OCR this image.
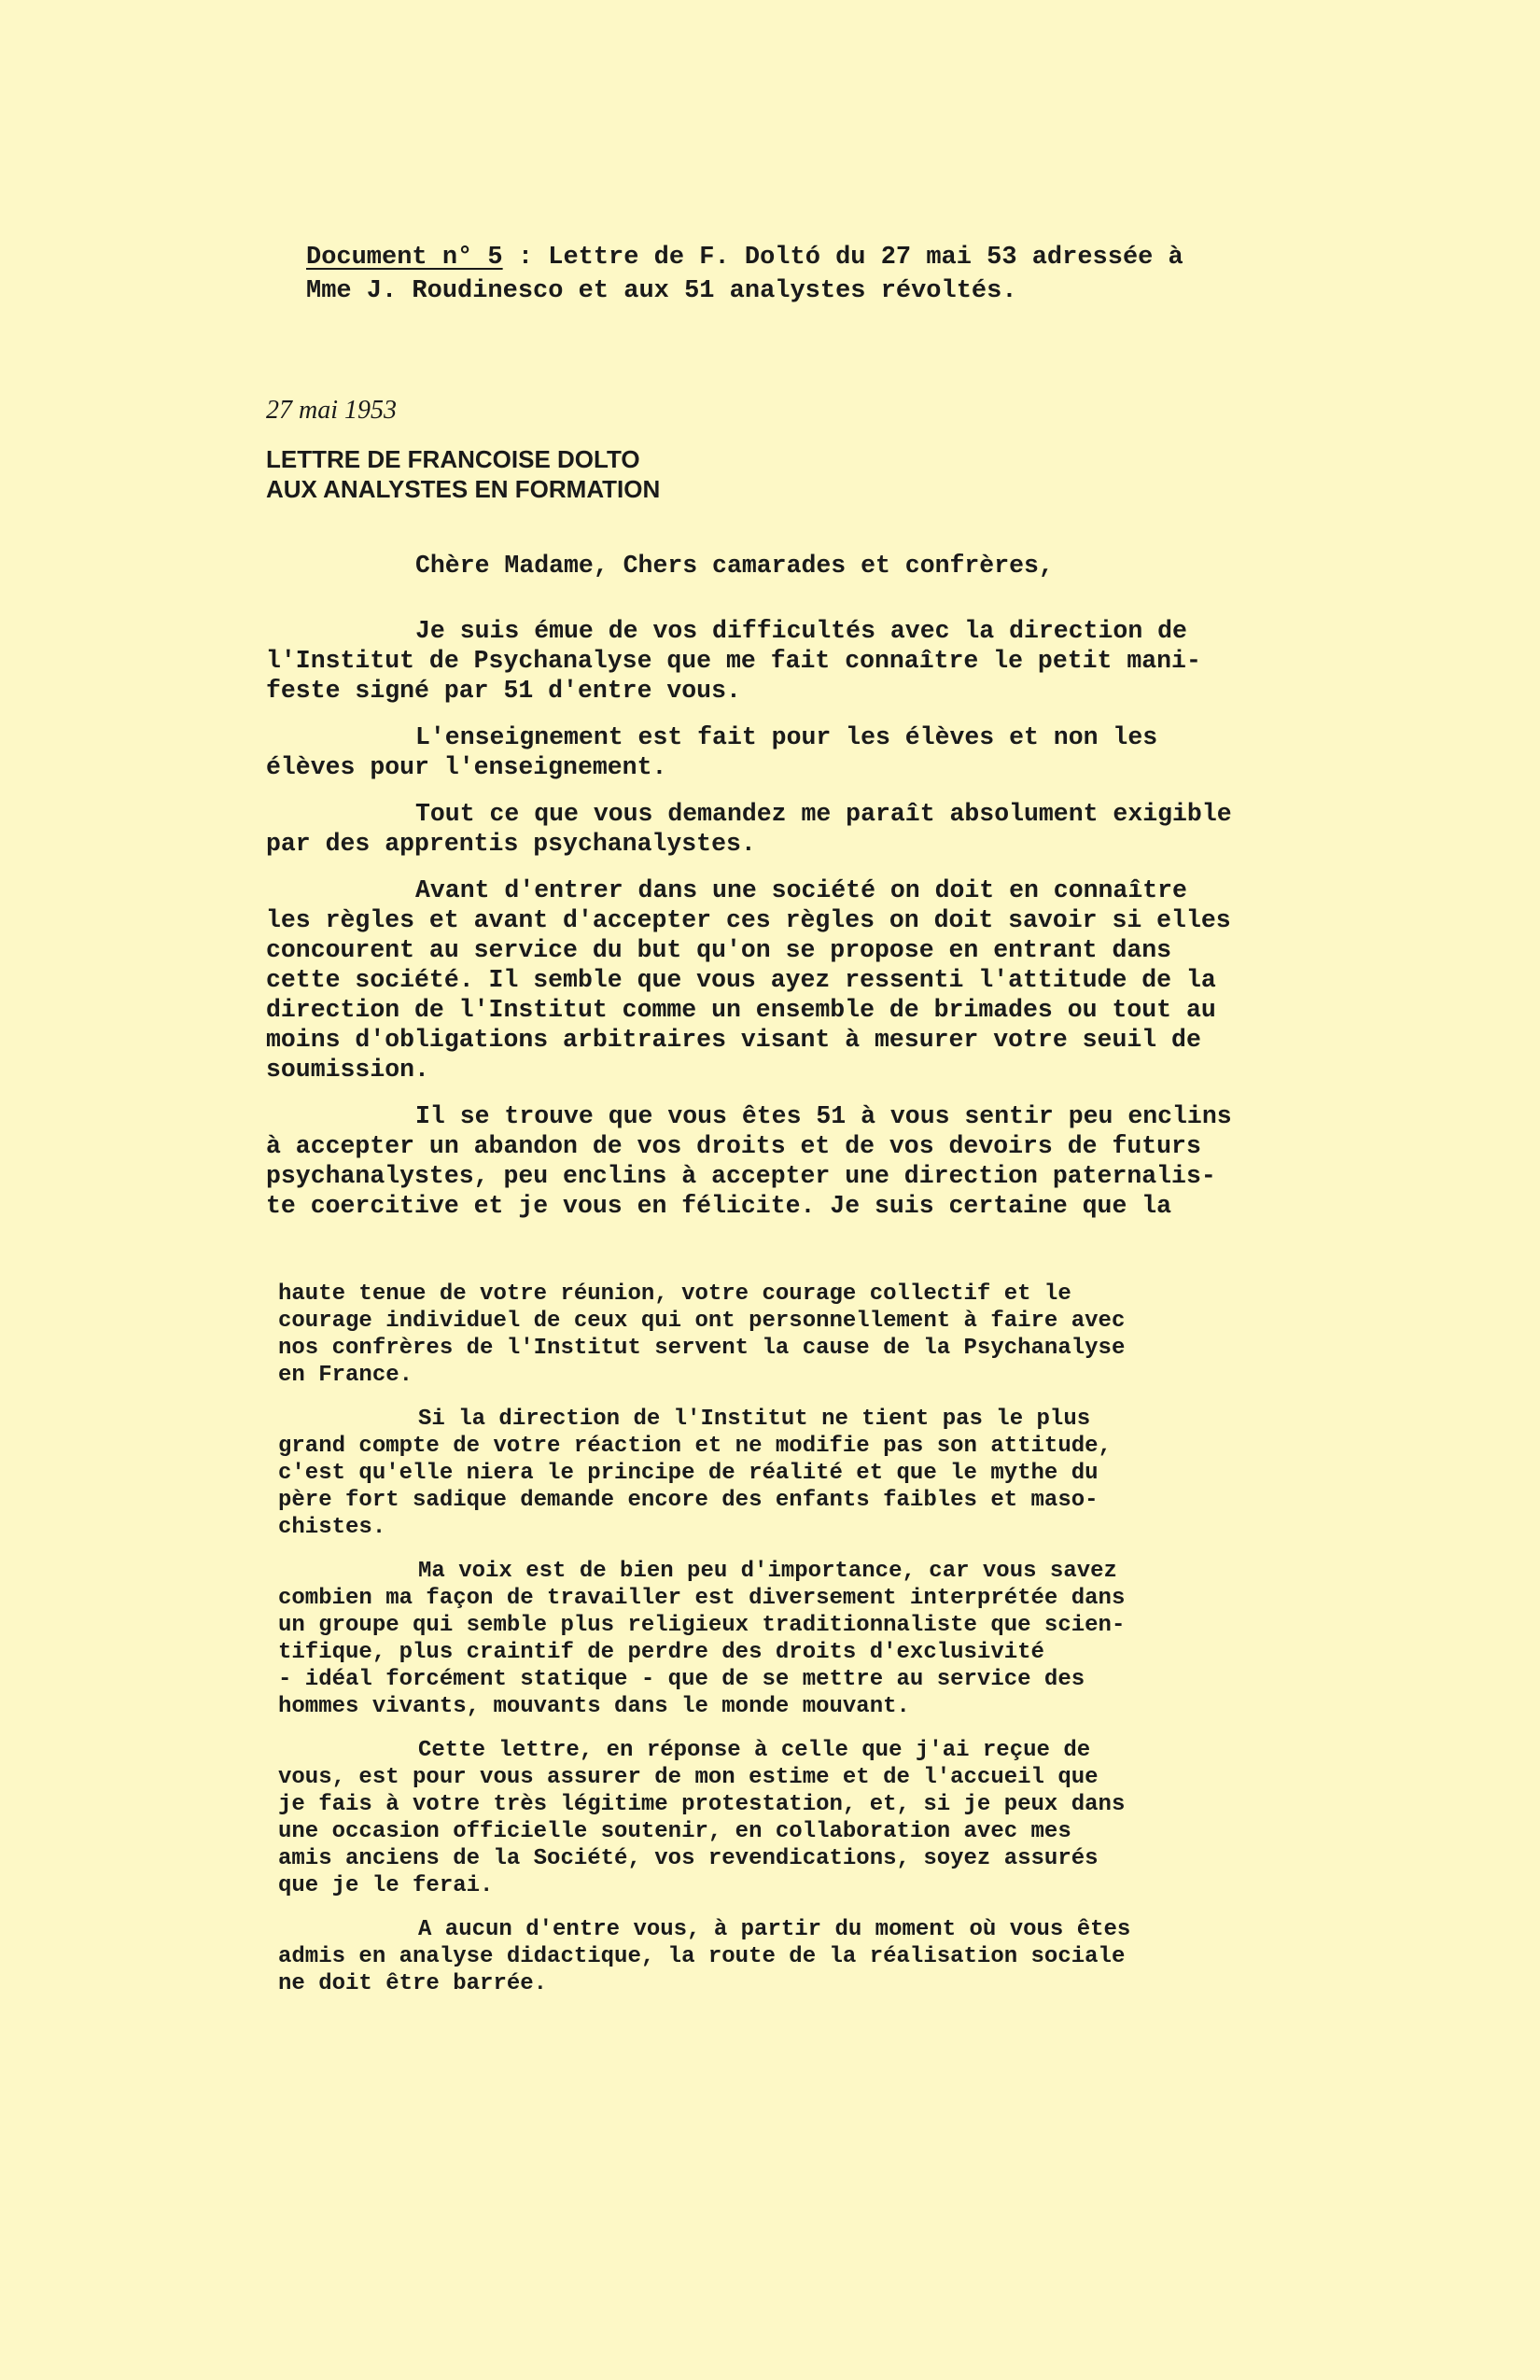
Document n° 5 : Lettre de F. Doltó du 27 mai 53 adressée à
Mme J. Roudinesco et aux 51 analystes révoltés.
27 mai 1953
LETTRE DE FRANCOISE DOLTO
AUX ANALYSTES EN FORMATION

Chère Madame, Chers camarades et confrères,

Je suis émue de vos difficultés avec la direction de
l'Institut de Psychanalyse que me fait connaître le petit mani-
feste signé par 51 d'entre vous.

L'enseignement est fait pour les élèves et non les
élèves pour l'enseignement.

Tout ce que vous demandez me paraît absolument exigible
par des apprentis psychanalystes.

Avant d'entrer dans une société on doit en connaître
les règles et avant d'accepter ces règles on doit savoir si elles
concourent au service du but qu'on se propose en entrant dans
cette société. Il semble que vous ayez ressenti l'attitude de la
direction de l'Institut comme un ensemble de brimades ou tout au
moins d'obligations arbitraires visant à mesurer votre seuil de
soumission.

Il se trouve que vous êtes 51 à vous sentir peu enclins
à accepter un abandon de vos droits et de vos devoirs de futurs
psychanalystes, peu enclins à accepter une direction paternalis-
te coercitive et je vous en félicite. Je suis certaine que la

haute tenue de votre réunion, votre courage collectif et le
courage individuel de ceux qui ont personnellement à faire avec
nos confrères de l'Institut servent la cause de la Psychanalyse
en France.

Si la direction de l'Institut ne tient pas le plus
grand compte de votre réaction et ne modifie pas son attitude,
c'est qu'elle niera le principe de réalité et que le mythe du
père fort sadique demande encore des enfants faibles et maso-
chistes.

Ma voix est de bien peu d'importance, car vous savez
combien ma façon de travailler est diversement interprétée dans
un groupe qui semble plus religieux traditionnaliste que scien-
tifique, plus craintif de perdre des droits d'exclusivité
- idéal forcément statique - que de se mettre au service des
hommes vivants, mouvants dans le monde mouvant.

Cette lettre, en réponse à celle que j'ai reçue de
vous, est pour vous assurer de mon estime et de l'accueil que
je fais à votre très légitime protestation, et, si je peux dans
une occasion officielle soutenir, en collaboration avec mes
amis anciens de la Société, vos revendications, soyez assurés
que je le ferai.

A aucun d'entre vous, à partir du moment où vous êtes
admis en analyse didactique, la route de la réalisation sociale
ne doit être barrée.
